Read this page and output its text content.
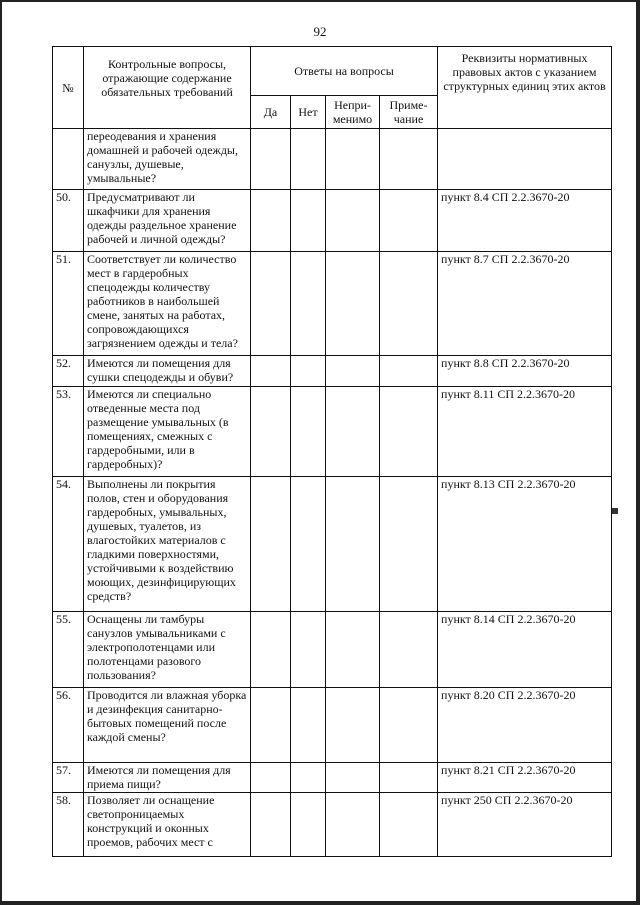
92
№	Контрольные вопросы, отражающие содержание обязательных требований	Ответы на вопросы				Реквизиты нормативных правовых актов с указанием структурных единиц этих актов
		Да	Нет	Непри- менимо	Приме- чание	
	переодевания и хранения домашней и рабочей одежды, санузлы, душевые, умывальные?					
50.	Предусматривают ли шкафчики для хранения одежды раздельное хранение рабочей и личной одежды?					пункт 8.4 СП 2.2.3670-20
51.	Соответствует ли количество мест в гардеробных спецодежды количеству работников в наибольшей смене, занятых на работах, сопровождающихся загрязнением одежды и тела?					пункт 8.7 СП 2.2.3670-20
52.	Имеются ли помещения для сушки спецодежды и обуви?					пункт 8.8 СП 2.2.3670-20
53.	Имеются ли специально отведенные места под размещение умывальных (в помещениях, смежных с гардеробными, или в гардеробных)?					пункт 8.11 СП 2.2.3670-20
54.	Выполнены ли покрытия полов, стен и оборудования гардеробных, умывальных, душевых, туалетов, из влагостойких материалов с гладкими поверхностями, устойчивыми к воздействию моющих, дезинфицирующих средств?					пункт 8.13 СП 2.2.3670-20
55.	Оснащены ли тамбуры санузлов умывальниками с электрополотенцами или полотенцами разового пользования?					пункт 8.14 СП 2.2.3670-20
56.	Проводится ли влажная уборка и дезинфекция санитарно-бытовых помещений после каждой смены?					пункт 8.20 СП 2.2.3670-20
57.	Имеются ли помещения для приема пищи?					пункт 8.21 СП 2.2.3670-20
58.	Позволяет ли оснащение светопроницаемых конструкций и оконных проемов, рабочих мест с					пункт 250 СП 2.2.3670-20
